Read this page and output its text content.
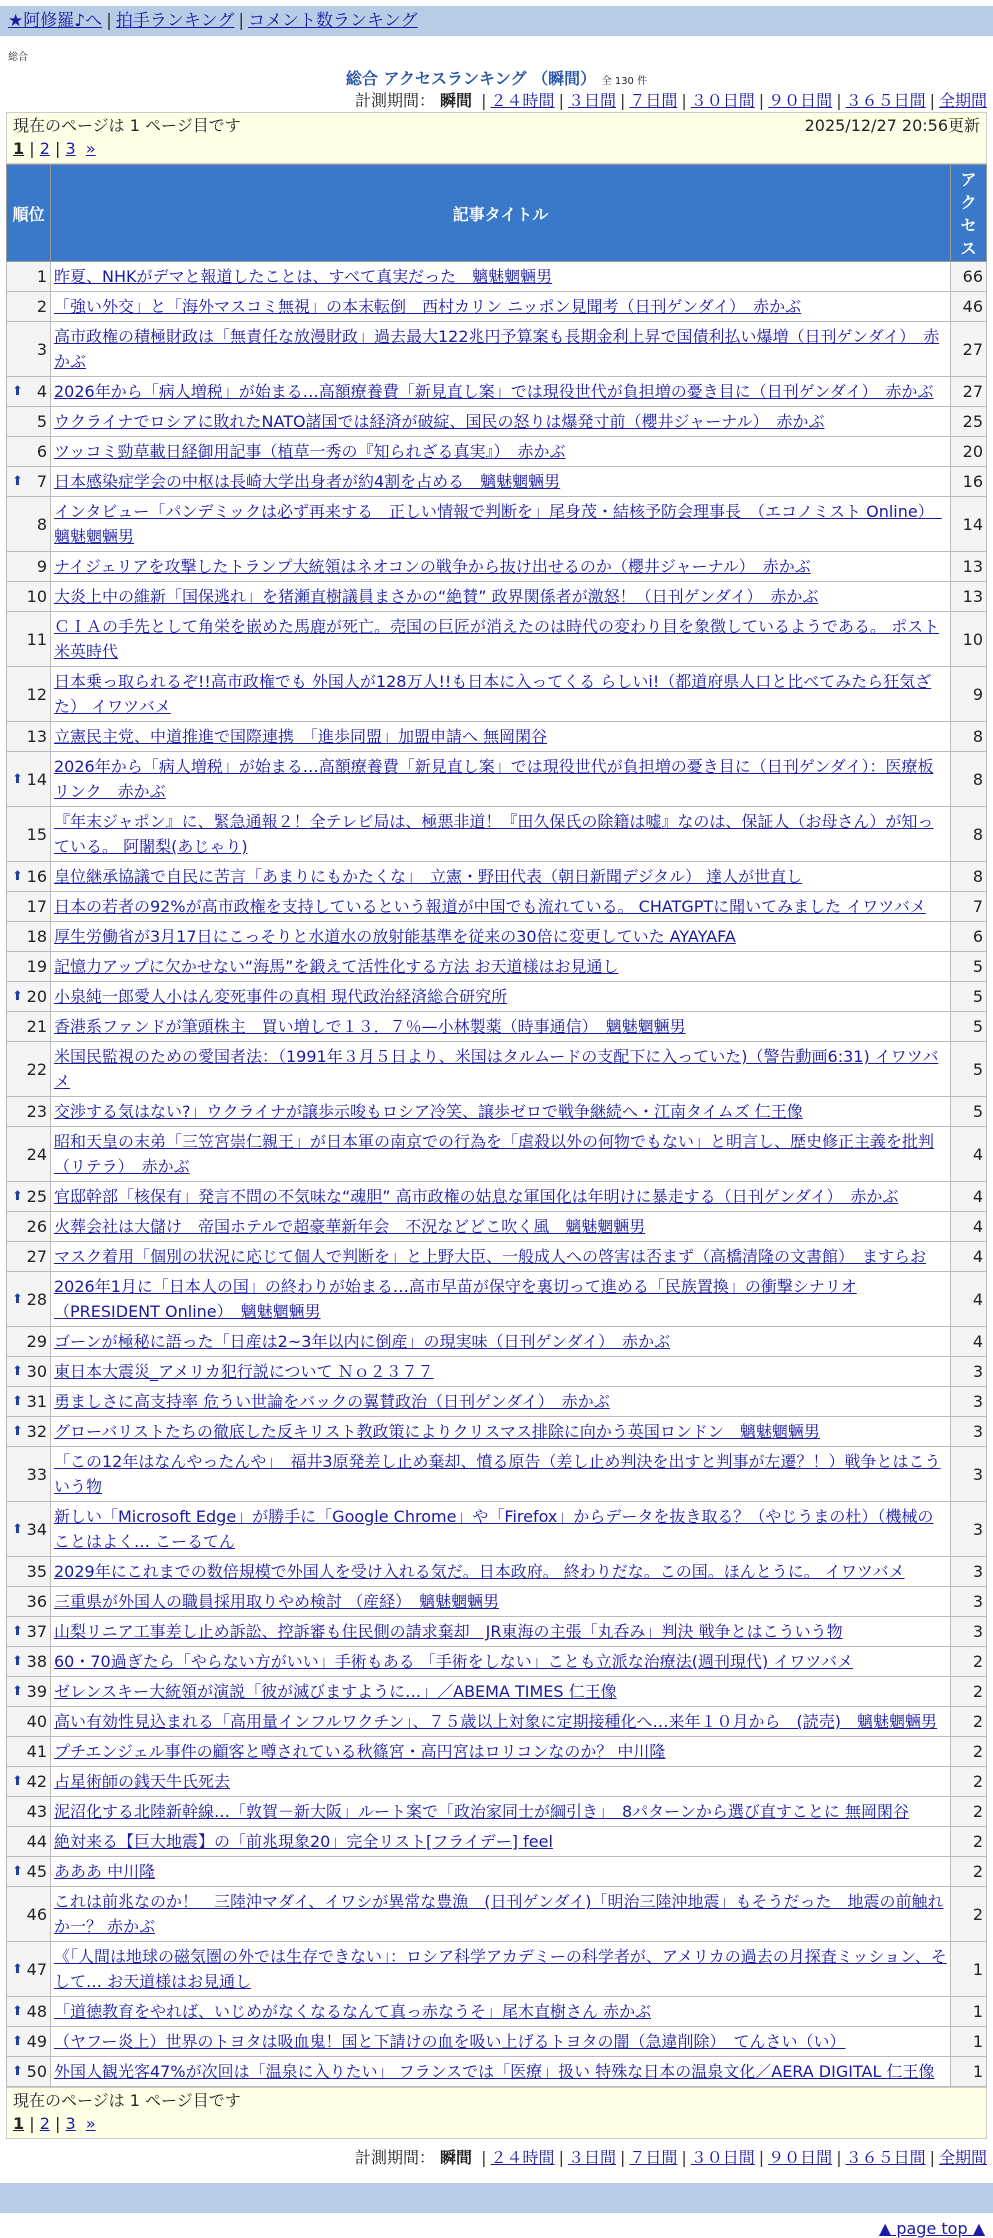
★阿修羅♪へ | 拍手ランキング | コメント数ランキング
総合
総合 アクセスランキング （瞬間） 全 130 件
計測期間： 瞬間 | ２４時間 | ３日間 | ７日間 | ３０日間 | ９０日間 | ３６５日間 | 全期間
現在のページは 1 ページ目です	2025/12/27 20:56更新
1 | 2 | 3 »
順位	記事タイトル	アクセス
1	昨夏、NHKがデマと報道したことは、すべて真実だった　魑魅魍魎男	66
2	「強い外交」と「海外マスコミ無視」の本末転倒　西村カリン ニッポン見聞考（日刊ゲンダイ）　赤かぶ	46
3	高市政権の積極財政は「無責任な放漫財政」過去最大122兆円予算案も長期金利上昇で国債利払い爆増（日刊ゲンダイ）　赤かぶ	27

⬆ 4	2026年から「病人増税」が始まる…高額療養費「新見直し案」では現役世代が負担増の憂き目に（日刊ゲンダイ）　赤かぶ	27
5	ウクライナでロシアに敗れたNATO諸国では経済が破綻、国民の怒りは爆発寸前（櫻井ジャーナル）　赤かぶ	25
6	ツッコミ勁草載日経御用記事（植草一秀の『知られざる真実』）　赤かぶ	20

⬆ 7	日本感染症学会の中枢は長崎大学出身者が約4割を占める　魑魅魍魎男	16
8	インタビュー「パンデミックは必ず再来する　正しい情報で判断を」尾身茂・結核予防会理事長　（エコノミスト Online）　魑魅魍魎男	14
9	ナイジェリアを攻撃したトランプ大統領はネオコンの戦争から抜け出せるのか（櫻井ジャーナル）　赤かぶ	13
10	大炎上中の維新「国保逃れ」を猪瀬直樹議員まさかの“絶賛” 政界関係者が激怒！（日刊ゲンダイ）　赤かぶ	13
11	ＣＩＡの手先として角栄を嵌めた馬鹿が死亡。売国の巨匠が消えたのは時代の変わり目を象徴しているようである。 ポスト米英時代	10
12	日本乗っ取られるぞ!!高市政権でも 外国人が128万人!!も日本に入ってくる らしいi!（都道府県人口と比べてみたら狂気ざた） イワツバメ	9
13	立憲民主党、中道推進で国際連携　「進歩同盟」加盟申請へ 無岡閑谷	8

⬆ 14	2026年から「病人増税」が始まる…高額療養費「新見直し案」では現役世代が負担増の憂き目に（日刊ゲンダイ）：医療板リンク　赤かぶ	8
15	『年末ジャポン』に、緊急通報２！全テレビ局は、極悪非道！『田久保氏の除籍は嘘』なのは、保証人（お母さん）が知っている。 阿闍梨(あじゃり)	8

⬆ 16	皇位継承協議で自民に苦言「あまりにもかたくな」　立憲・野田代表（朝日新聞デジタル） 達人が世直し	8
17	日本の若者の92%が高市政権を支持しているという報道が中国でも流れている。 CHATGPTに聞いてみました イワツバメ	7
18	厚生労働省が3月17日にこっそりと水道水の放射能基準を従来の30倍に変更していた AYAYAFA	6
19	記憶力アップに欠かせない“海馬”を鍛えて活性化する方法 お天道様はお見通し	5

⬆ 20	小泉純一郎愛人小はん変死事件の真相 現代政治経済総合研究所	5
21	香港系ファンドが筆頭株主　買い増しで１３．７％—小林製薬（時事通信）　魑魅魍魎男	5
22	米国民監視のための愛国者法：（1991年３月５日より、米国はタルムードの支配下に入っていた)（警告動画6:31) イワツバメ	5
23	交渉する気はない?」ウクライナが譲歩示唆もロシア冷笑、譲歩ゼロで戦争継続へ・江南タイムズ 仁王像	5
24	昭和天皇の末弟「三笠宮崇仁親王」が日本軍の南京での行為を「虐殺以外の何物でもない」と明言し、歴史修正主義を批判（リテラ）　赤かぶ	4

⬆ 25	官邸幹部「核保有」発言不問の不気味な“魂胆” 高市政権の姑息な軍国化は年明けに暴走する（日刊ゲンダイ）　赤かぶ	4
26	火葬会社は大儲け　帝国ホテルで超豪華新年会　不況などどこ吹く風　魑魅魍魎男	4
27	マスク着用「個別の状況に応じて個人で判断を」と上野大臣、一般成人への啓害は否まず（高橋清隆の文書館）　ますらお	4

⬆ 28	2026年1月に「日本人の国」の終わりが始まる…高市早苗が保守を裏切って進める「民族置換」の衝撃シナリオ （PRESIDENT Online）　魑魅魍魎男	4
29	ゴーンが極秘に語った「日産は2~3年以内に倒産」の現実味（日刊ゲンダイ）　赤かぶ	4

⬆ 30	東日本大震災_アメリカ犯行説について Ｎｏ２３７７	3

⬆ 31	勇ましさに高支持率 危うい世論をバックの翼賛政治（日刊ゲンダイ）　赤かぶ	3

⬆ 32	グローバリストたちの徹底した反キリスト教政策によりクリスマス排除に向かう英国ロンドン　魑魅魍魎男	3
33	「この12年はなんやったんや」　福井3原発差し止め棄却、憤る原告（差し止め判決を出すと判事が左遷？！）戦争とはこういう物	3

⬆ 34	新しい「Microsoft Edge」が勝手に「Google Chrome」や「Firefox」からデータを抜き取る？（やじうまの杜）（機械のことはよく… こーるてん	3
35	2029年にこれまでの数倍規模で外国人を受け入れる気だ。日本政府。 終わりだな。この国。ほんとうに。 イワツバメ	3
36	三重県が外国人の職員採用取りやめ検討 （産経）　魑魅魍魎男	3

⬆ 37	山梨リニア工事差し止め訴訟、控訴審も住民側の請求棄却　JR東海の主張「丸呑み」判決 戦争とはこういう物	3

⬆ 38	60・70過ぎたら「やらない方がいい」手術もある 「手術をしない」ことも立派な治療法(週刊現代) イワツバメ	2

⬆ 39	ゼレンスキー大統領が演説「彼が滅びますように…」／ABEMA TIMES 仁王像	2
40	高い有効性見込まれる「高用量インフルワクチン」、７５歳以上対象に定期接種化へ…来年１０月から　(読売)　魑魅魍魎男	2
41	プチエンジェル事件の顧客と噂されている秋篠宮・高円宮はロリコンなのか？ 中川隆	2

⬆ 42	占星術師の銭天牛氏死去	2
43	泥沼化する北陸新幹線…「敦賀－新大阪」ルート案で「政治家同士が綱引き」　8パターンから選び直すことに 無岡閑谷	2
44	絶対来る【巨大地震】の「前兆現象20」完全リスト[フライデー] feel	2

⬆ 45	あああ 中川隆	2
46	これは前兆なのか！　三陸沖マダイ、イワシが異常な豊漁　(日刊ゲンダイ)「明治三陸沖地震」もそうだった　地震の前触れか一？ 赤かぶ	2

⬆ 47	《「人間は地球の磁気圏の外では生存できない」：ロシア科学アカデミーの科学者が、アメリカの過去の月探査ミッション、そして… お天道様はお見通し	1

⬆ 48	「道徳教育をやれば、いじめがなくなるなんて真っ赤なうそ」尾木直樹さん 赤かぶ	1

⬆ 49	（ヤフー炎上）世界のトヨタは吸血鬼！国と下請けの血を吸い上げるトヨタの闇（急違削除）　てんさい（い）	1

⬆ 50	外国人観光客47%が次回は「温泉に入りたい」 フランスでは「医療」扱い 特殊な日本の温泉文化／AERA DIGITAL 仁王像	1
現在のページは 1 ページ目です
1 | 2 | 3 »
計測期間： 瞬間 | ２４時間 | ３日間 | ７日間 | ３０日間 | ９０日間 | ３６５日間 | 全期間
▲ page top ▲
